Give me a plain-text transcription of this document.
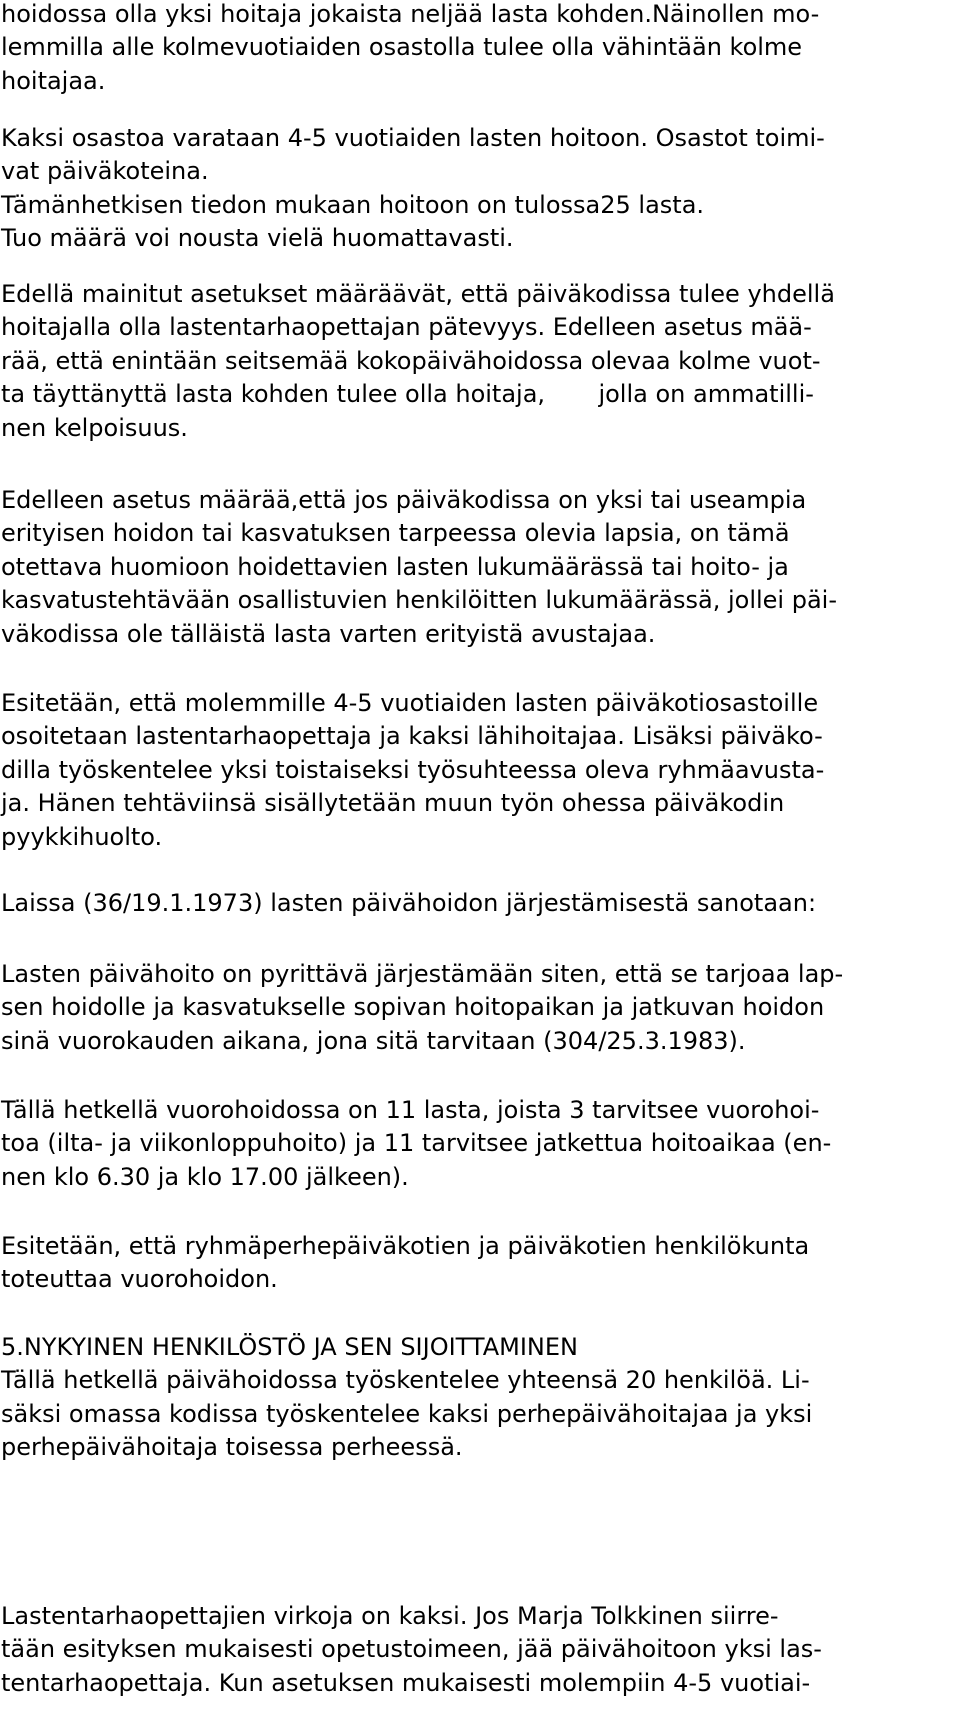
hoidossa olla yksi hoitaja jokaista neljää lasta kohden.Näinollen mo-
lemmilla alle kolmevuotiaiden osastolla tulee olla vähintään kolme
hoitajaa.
Kaksi osastoa varataan 4-5 vuotiaiden lasten hoitoon. Osastot toimi-
vat päiväkoteina.
Tämänhetkisen tiedon mukaan hoitoon on tulossa25 lasta.
Tuo määrä voi nousta vielä huomattavasti.
Edellä mainitut asetukset määräävät, että päiväkodissa tulee yhdellä
hoitajalla olla lastentarhaopettajan pätevyys. Edelleen asetus mää-
rää, että enintään seitsemää kokopäivähoidossa olevaa kolme vuot-
ta täyttänyttä lasta kohden tulee olla hoitaja,       jolla on ammatilli-
nen kelpoisuus.
Edelleen asetus määrää,että jos päiväkodissa on yksi tai useampia
erityisen hoidon tai kasvatuksen tarpeessa olevia lapsia, on tämä
otettava huomioon hoidettavien lasten lukumäärässä tai hoito- ja
kasvatustehtävään osallistuvien henkilöitten lukumäärässä, jollei päi-
väkodissa ole tälläistä lasta varten erityistä avustajaa.
Esitetään, että molemmille 4-5 vuotiaiden lasten päiväkotiosastoille
osoitetaan lastentarhaopettaja ja kaksi lähihoitajaa. Lisäksi päiväko-
dilla työskentelee yksi toistaiseksi työsuhteessa oleva ryhmäavusta-
ja. Hänen tehtäviinsä sisällytetään muun työn ohessa päiväkodin
pyykkihuolto.
Laissa (36/19.1.1973) lasten päivähoidon järjestämisestä sanotaan:
Lasten päivähoito on pyrittävä järjestämään siten, että se tarjoaa lap-
sen hoidolle ja kasvatukselle sopivan hoitopaikan ja jatkuvan hoidon
sinä vuorokauden aikana, jona sitä tarvitaan (304/25.3.1983).
Tällä hetkellä vuorohoidossa on 11 lasta, joista 3 tarvitsee vuorohoi-
toa (ilta- ja viikonloppuhoito) ja 11 tarvitsee jatkettua hoitoaikaa (en-
nen klo 6.30 ja klo 17.00 jälkeen).
Esitetään, että ryhmäperhepäiväkotien ja päiväkotien henkilökunta
toteuttaa vuorohoidon.
5.NYKYINEN HENKILÖSTÖ JA SEN SIJOITTAMINEN
Tällä hetkellä päivähoidossa työskentelee yhteensä 20 henkilöä. Li-
säksi omassa kodissa työskentelee kaksi perhepäivähoitajaa ja yksi
perhepäivähoitaja toisessa perheessä.
Lastentarhaopettajien virkoja on kaksi. Jos Marja Tolkkinen siirre-
tään esityksen mukaisesti opetustoimeen, jää päivähoitoon yksi las-
tentarhaopettaja. Kun asetuksen mukaisesti molempiin 4-5 vuotiai-
